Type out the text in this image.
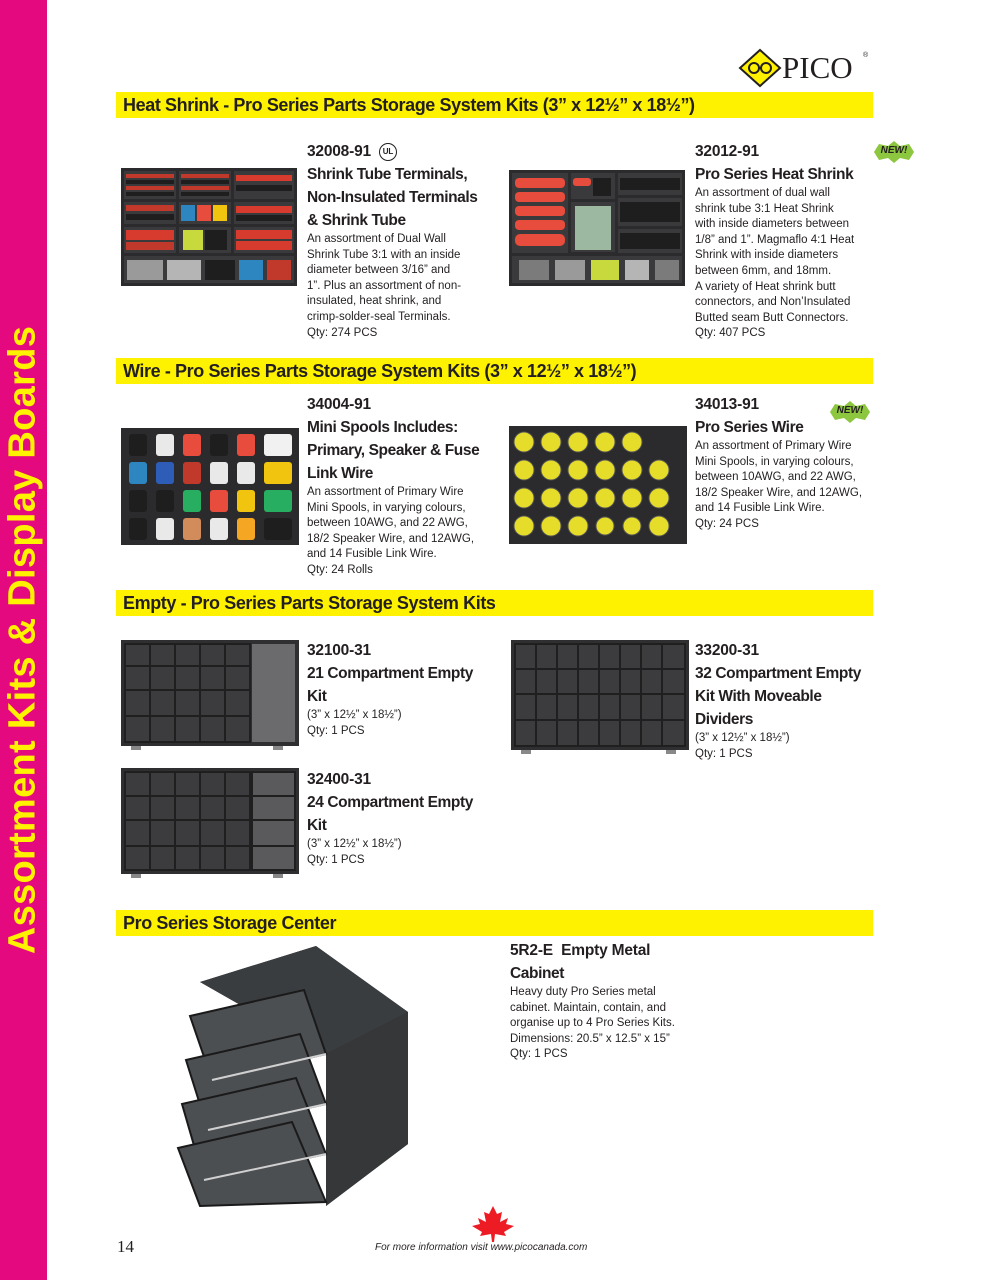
Assortment Kits & Display Boards
PICO ®
Heat Shrink - Pro Series Parts Storage System Kits (3” x 12½” x 18½”)
Wire - Pro Series Parts Storage System Kits (3” x 12½” x 18½”)
Empty - Pro Series Parts Storage System Kits
Pro Series Storage Center
32008-91 UL
Shrink Tube Terminals,
Non-Insulated Terminals
& Shrink Tube
An assortment of Dual Wall
Shrink Tube 3:1 with an inside
diameter between 3/16” and
1”. Plus an assortment of non-
insulated, heat shrink, and
crimp-solder-seal Terminals.
Qty: 274 PCS
32012-91
Pro Series Heat Shrink
An assortment of dual wall
shrink tube 3:1 Heat Shrink
with inside diameters between
1/8” and 1”. Magmaflo 4:1 Heat
Shrink with inside diameters
between 6mm, and 18mm.
A variety of Heat shrink butt
connectors, and Non’Insulated
Butted seam Butt Connectors.
Qty: 407 PCS
NEW!
34004-91
Mini Spools Includes:
Primary, Speaker & Fuse
Link Wire
An assortment of Primary Wire
Mini Spools, in varying colours,
between 10AWG, and 22 AWG,
18/2 Speaker Wire, and 12AWG,
and 14 Fusible Link Wire.
Qty: 24 Rolls
34013-91
Pro Series Wire
An assortment of Primary Wire
Mini Spools, in varying colours,
between 10AWG, and 22 AWG,
18/2 Speaker Wire, and 12AWG,
and 14 Fusible Link Wire.
Qty: 24 PCS
NEW!
32100-31
21 Compartment Empty
Kit
(3” x 12½” x 18½”)
Qty: 1 PCS
33200-31
32 Compartment Empty
Kit With Moveable
Dividers
(3” x 12½” x 18½”)
Qty: 1 PCS
32400-31
24 Compartment Empty
Kit
(3” x 12½” x 18½”)
Qty: 1 PCS
5R2-E  Empty Metal
Cabinet
Heavy duty Pro Series metal
cabinet. Maintain, contain, and
organise up to 4 Pro Series Kits.
Dimensions: 20.5” x 12.5” x 15”
Qty: 1 PCS
14	For more information visit www.picocanada.com
